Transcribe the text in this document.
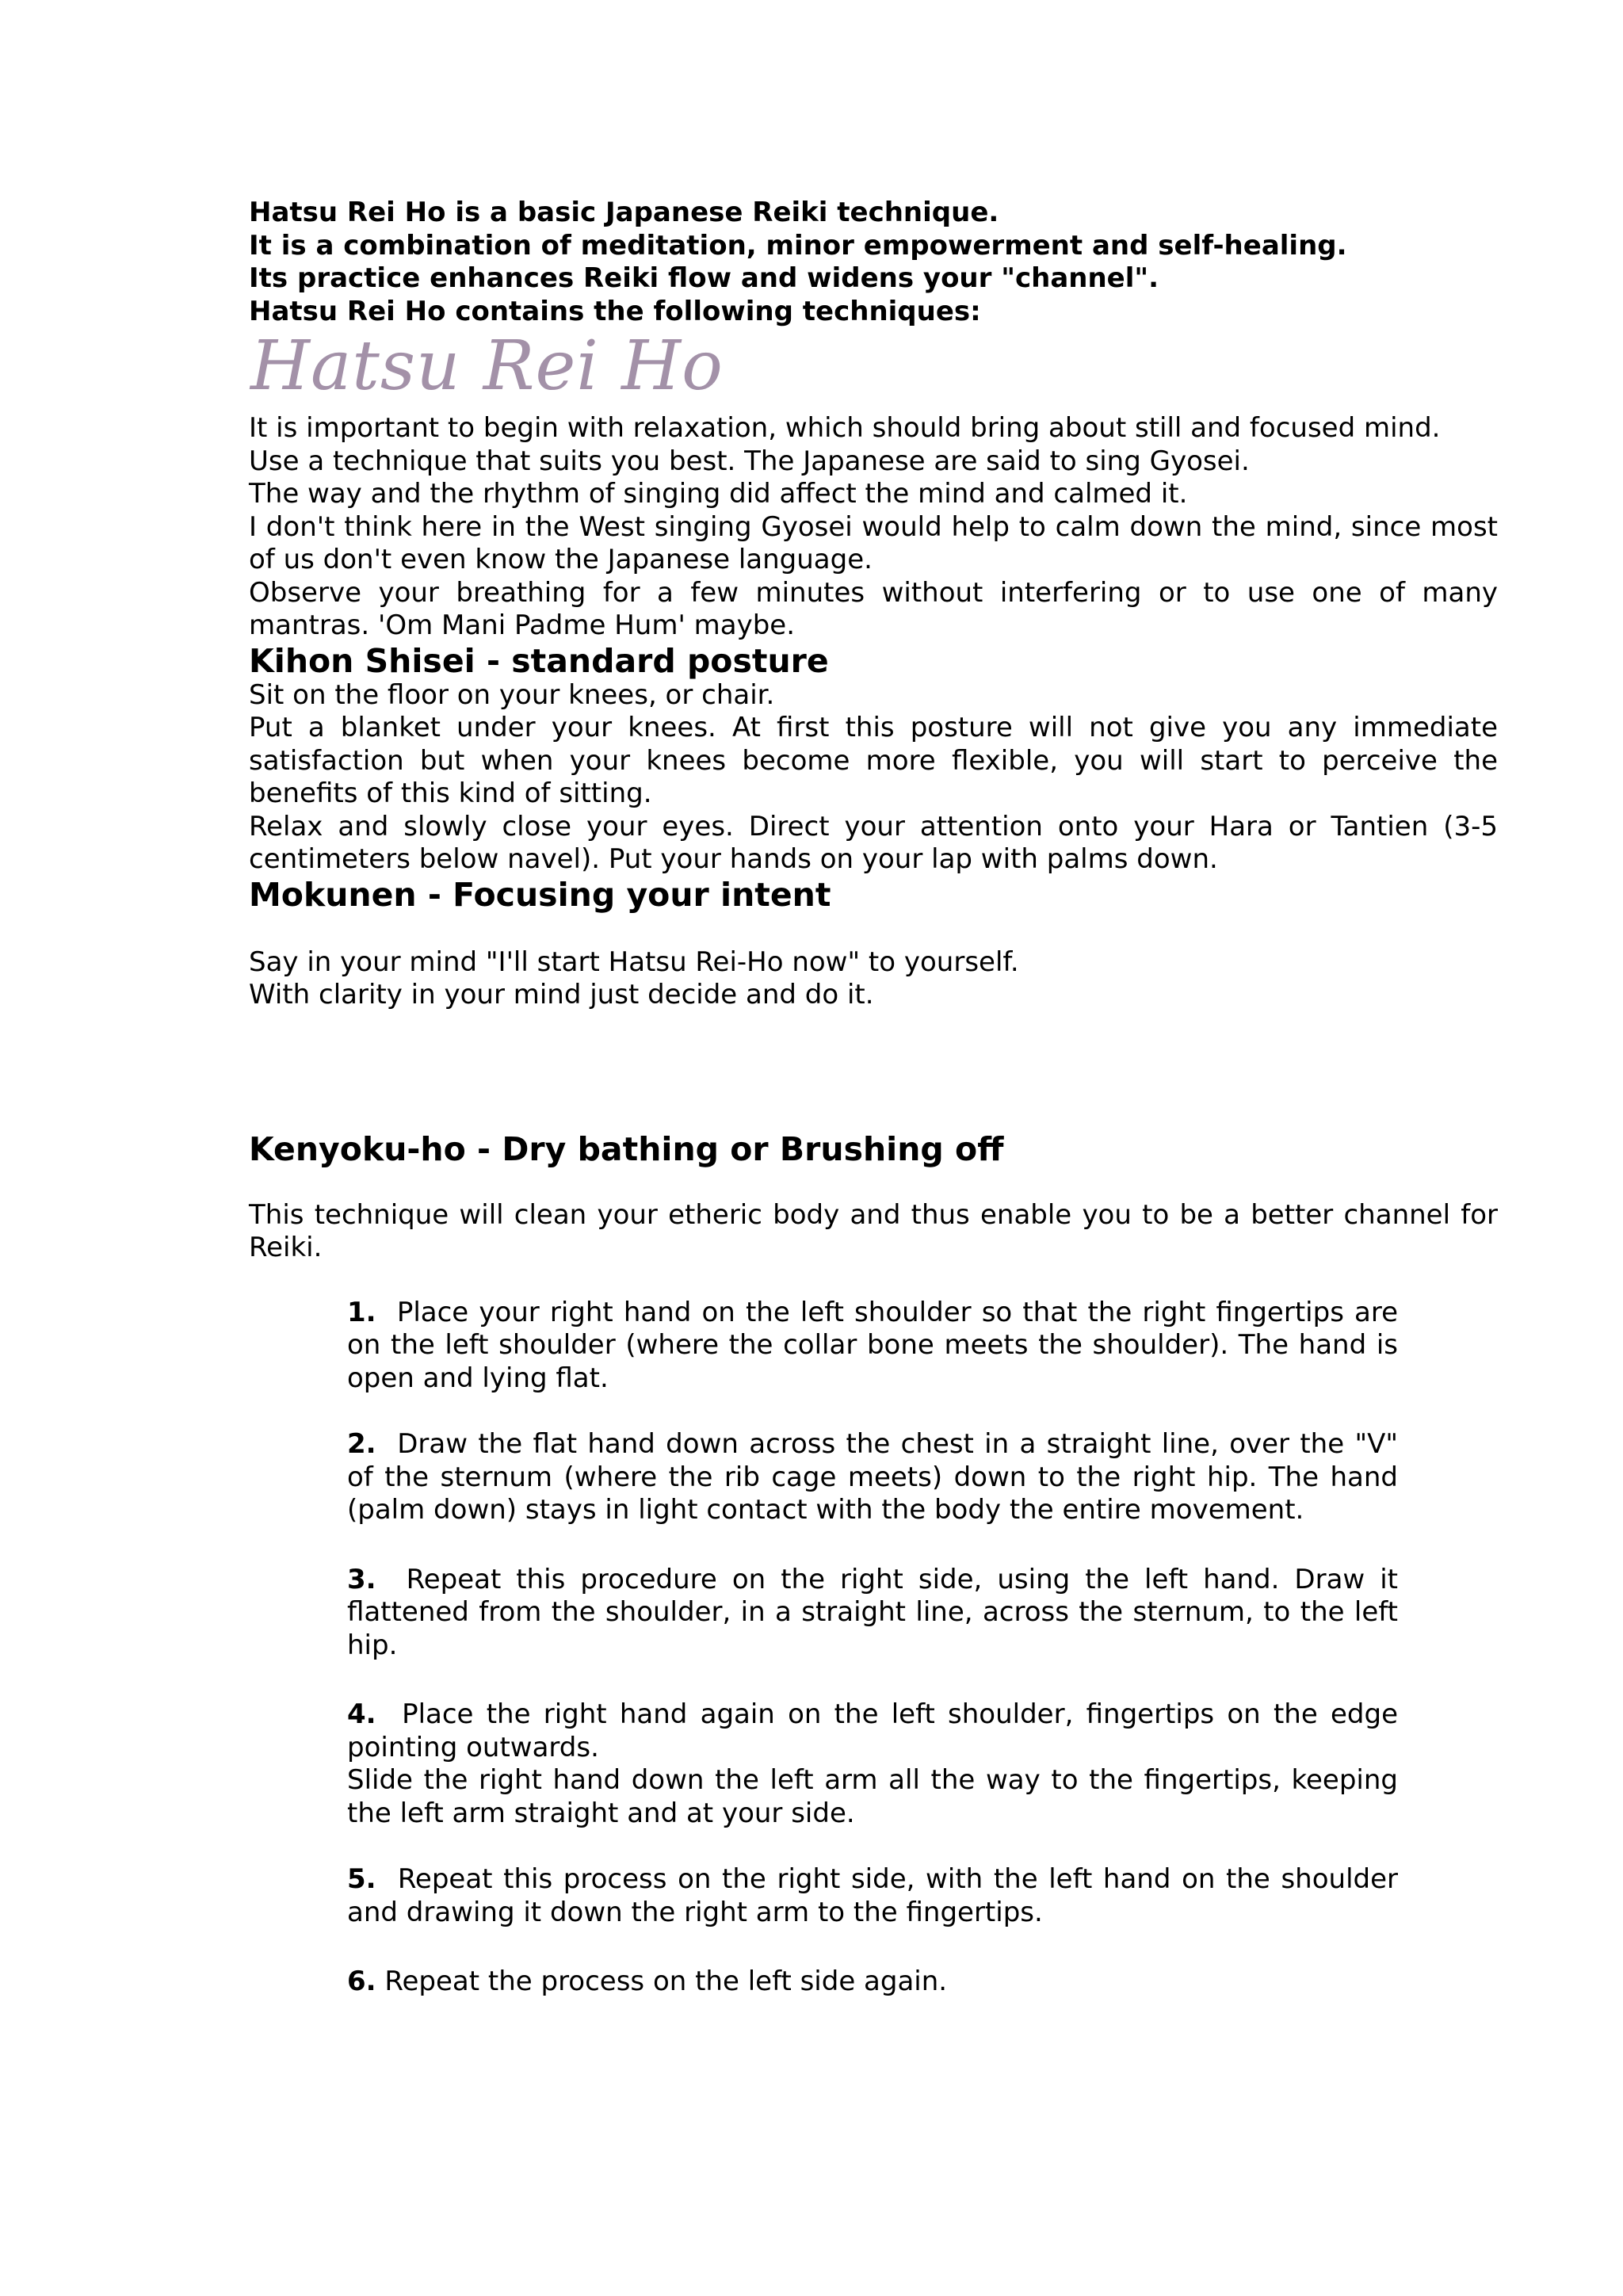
Hatsu Rei Ho is a basic Japanese Reiki technique.
It is a combination of meditation, minor empowerment and self-healing.
Its practice enhances Reiki flow and widens your "channel".
Hatsu Rei Ho contains the following techniques:
Hatsu Rei Ho
It is important to begin with relaxation, which should bring about still and focused mind.
Use a technique that suits you best. The Japanese are said to sing Gyosei.
The way and the rhythm of singing did affect the mind and calmed it.
I don't think here in the West singing Gyosei would help to calm down the mind, since most of us don't even know the Japanese language.
Observe your breathing for a few minutes without interfering or to use one of many mantras. 'Om Mani Padme Hum' maybe.
Kihon Shisei - standard posture
Sit on the floor on your knees, or chair.
Put a blanket under your knees. At first this posture will not give you any immediate satisfaction but when your knees become more flexible, you will start to perceive the benefits of this kind of sitting.
Relax and slowly close your eyes. Direct your attention onto your Hara or Tantien (3-5 centimeters below navel). Put your hands on your lap with palms down.
Mokunen - Focusing your intent
Say in your mind "I'll start Hatsu Rei-Ho now" to yourself.
With clarity in your mind just decide and do it.
Kenyoku-ho - Dry bathing or Brushing off
This technique will clean your etheric body and thus enable you to be a better channel for Reiki.
1. Place your right hand on the left shoulder so that the right fingertips are on the left shoulder (where the collar bone meets the shoulder). The hand is open and lying flat.
2. Draw the flat hand down across the chest in a straight line, over the "V" of the sternum (where the rib cage meets) down to the right hip. The hand (palm down) stays in light contact with the body the entire movement.
3. Repeat this procedure on the right side, using the left hand. Draw it flattened from the shoulder, in a straight line, across the sternum, to the left hip.
4. Place the right hand again on the left shoulder, fingertips on the edge pointing outwards.
Slide the right hand down the left arm all the way to the fingertips, keeping the left arm straight and at your side.
5. Repeat this process on the right side, with the left hand on the shoulder and drawing it down the right arm to the fingertips.
6. Repeat the process on the left side again.
